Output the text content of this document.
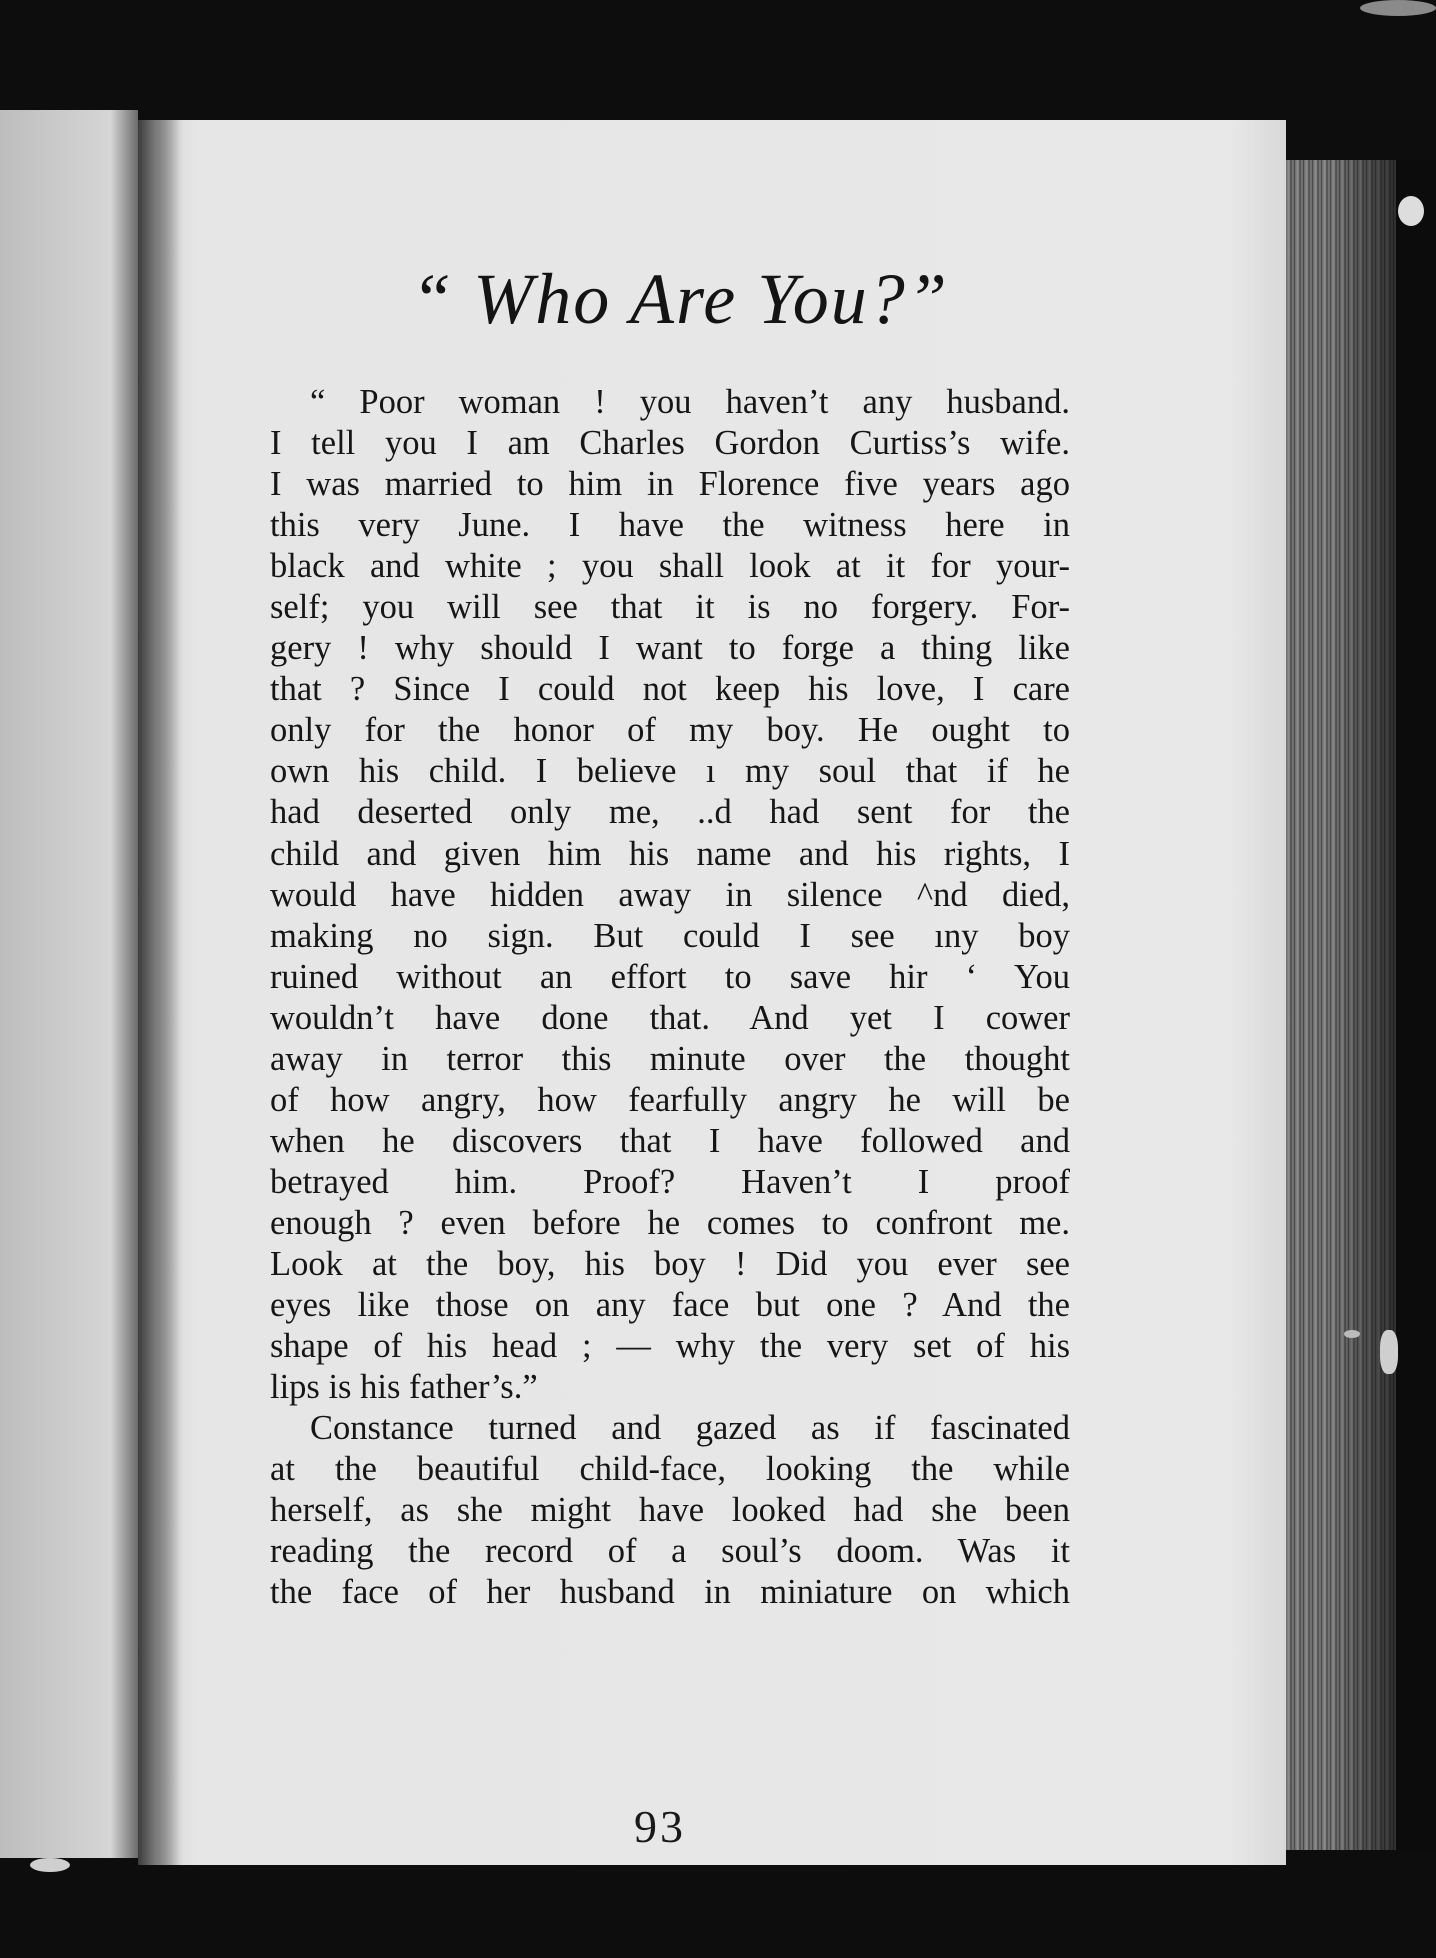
“ Who Are You?”
“ Poor woman ! you haven’t any husband.
I tell you I am Charles Gordon Curtiss’s wife.
I was married to him in Florence five years ago
this very June. I have the witness here in
black and white ; you shall look at it for your-
self; you will see that it is no forgery. For-
gery ! why should I want to forge a thing like
that ? Since I could not keep his love, I care
only for the honor of my boy. He ought to
own his child. I believe ı my soul that if he
had deserted only me, ..d had sent for the
child and given him his name and his rights, I
would have hidden away in silence ^nd died,
making no sign. But could I see ıny boy
ruined without an effort to save hir ʻ You
wouldn’t have done that. And yet I cower
away in terror this minute over the thought
of how angry, how fearfully angry he will be
when he discovers that I have followed and
betrayed him. Proof? Haven’t I proof
enough ? even before he comes to confront me.
Look at the boy, his boy ! Did you ever see
eyes like those on any face but one ? And the
shape of his head ; — why the very set of his
lips is his father’s.”
Constance turned and gazed as if fascinated
at the beautiful child-face, looking the while
herself, as she might have looked had she been
reading the record of a soul’s doom. Was it
the face of her husband in miniature on which
93
